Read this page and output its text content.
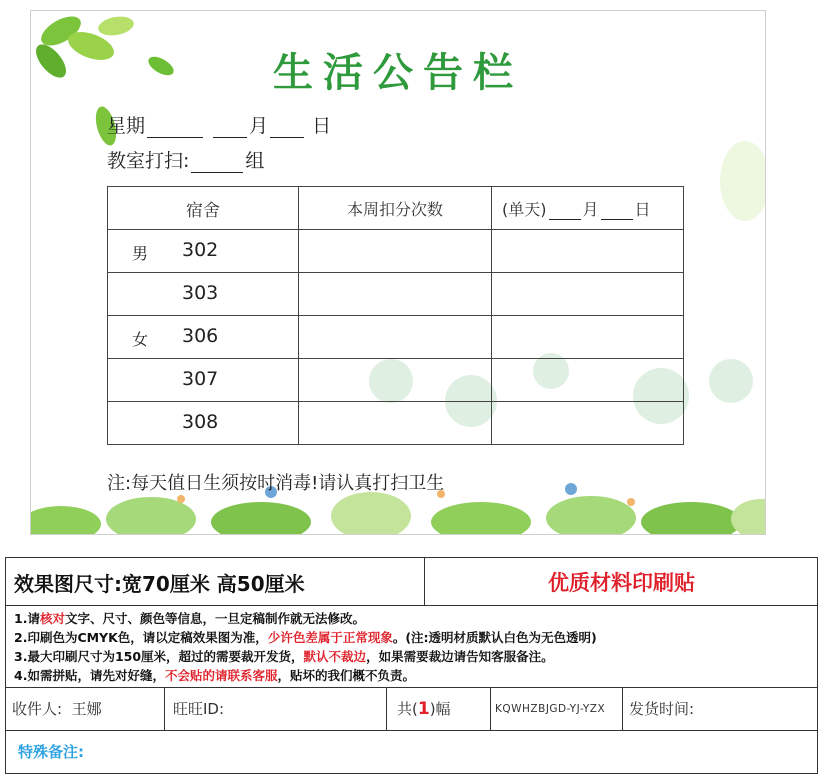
生活公告栏
星期	月 日
教室打扫:	组
宿舍	本周扣分次数	(单天) 月 日

男 302		

303		

女 306		

307		

308		

注:每天值日生须按时消毒!请认真打扫卫生
效果图尺寸:宽70厘米 高50厘米	优质材料印刷贴
1.请核对文字、尺寸、颜色等信息，一旦定稿制作就无法修改。
2.印刷色为CMYK色，请以定稿效果图为准，少许色差属于正常现象。(注:透明材质默认白色为无色透明)
3.最大印刷尺寸为150厘米，超过的需要裁开发货，默认不裁边，如果需要裁边请告知客服备注。
4.如需拼贴，请先对好缝，不会贴的请联系客服，贴坏的我们概不负责。
收件人: 王娜	旺旺ID:	共(1)幅	KQWHZBJGD-YJ-YZX	发货时间:
特殊备注:
